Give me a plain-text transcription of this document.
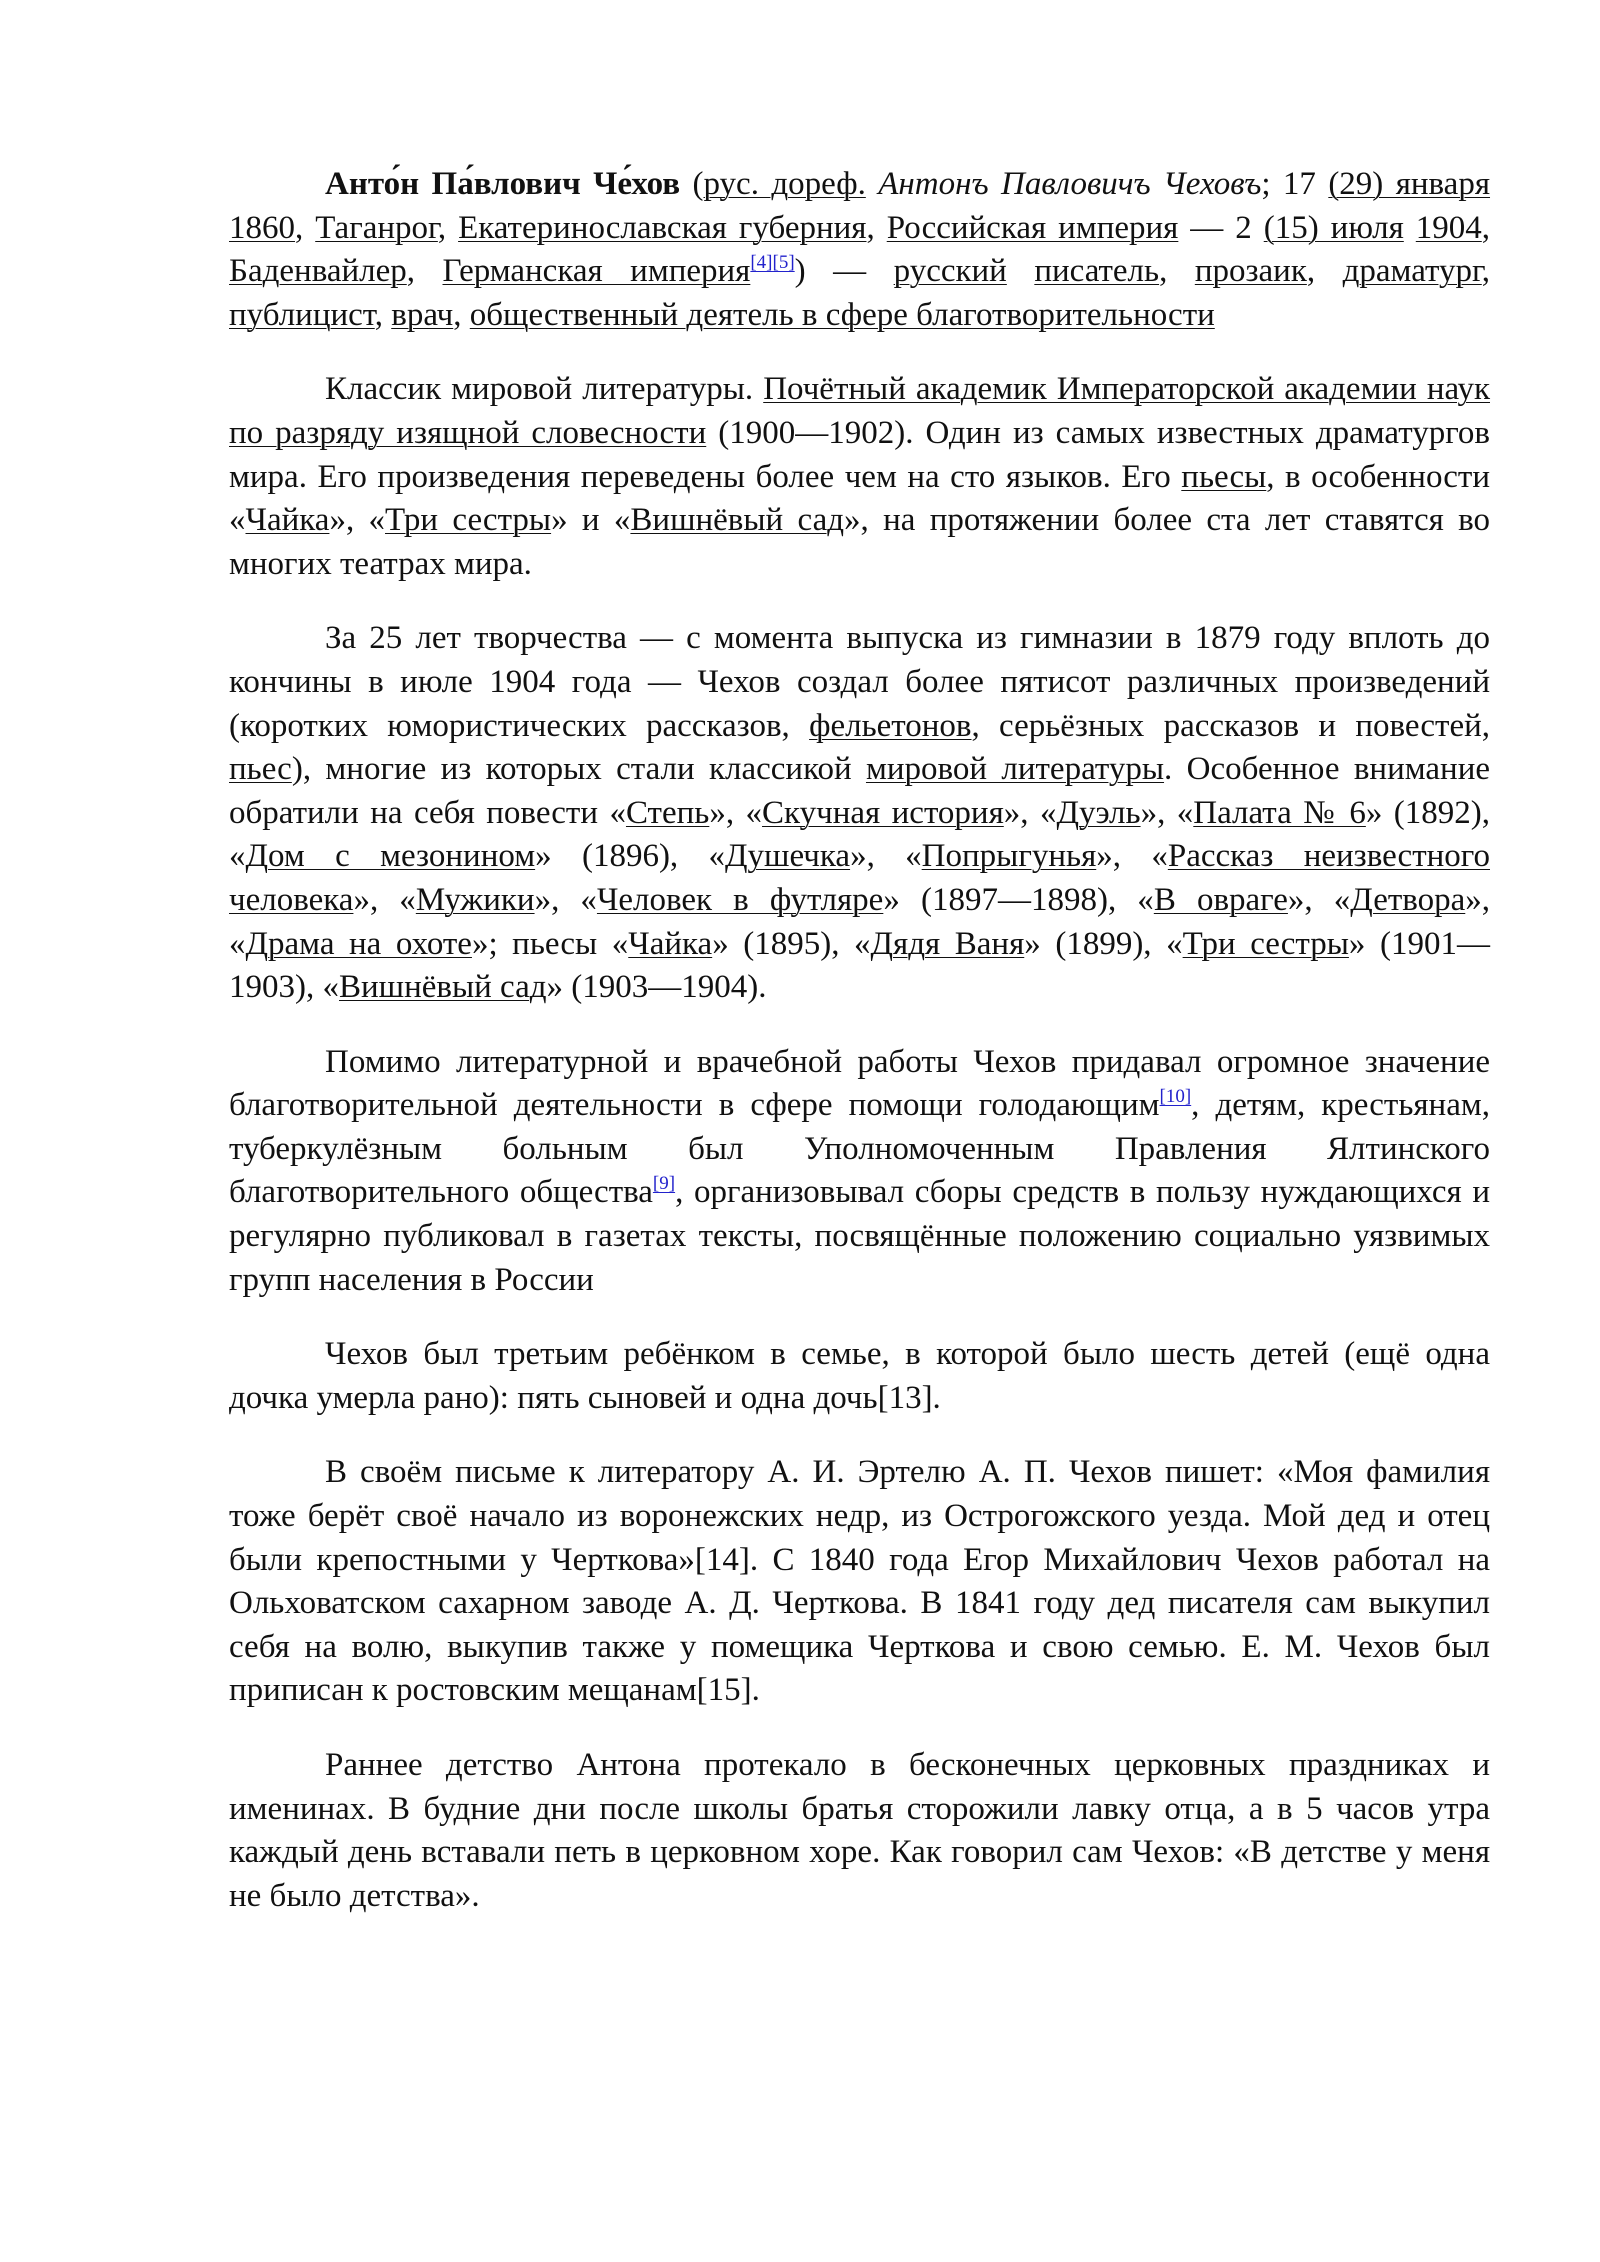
Анто́н Па́влович Че́хов (рус. дореф. Антонъ Павловичъ Чеховъ; 17 (29) января 1860, Таганрог, Екатеринославская губерния, Российская империя — 2 (15) июля 1904, Баденвайлер, Германская империя[4][5]) — русский писатель, прозаик, драматург, публицист, врач, общественный деятель в сфере благотворительности

Классик мировой литературы. Почётный академик Императорской академии наук по разряду изящной словесности (1900—1902). Один из самых известных драматургов мира. Его произведения переведены более чем на сто языков. Его пьесы, в особенности «Чайка», «Три сестры» и «Вишнёвый сад», на протяжении более ста лет ставятся во многих театрах мира.

За 25 лет творчества — с момента выпуска из гимназии в 1879 году вплоть до кончины в июле 1904 года — Чехов создал более пятисот различных произведений (коротких юмористических рассказов, фельетонов, серьёзных рассказов и повестей, пьес), многие из которых стали классикой мировой литературы. Особенное внимание обратили на себя повести «Степь», «Скучная история», «Дуэль», «Палата № 6» (1892), «Дом с мезонином» (1896), «Душечка», «Попрыгунья», «Рассказ неизвестного человека», «Мужики», «Человек в футляре» (1897—1898), «В овраге», «Детвора», «Драма на охоте»; пьесы «Чайка» (1895), «Дядя Ваня» (1899), «Три сестры» (1901—1903), «Вишнёвый сад» (1903—1904).

Помимо литературной и врачебной работы Чехов придавал огромное значение благотворительной деятельности в сфере помощи голодающим[10], детям, крестьянам, туберкулёзным больным был Уполномоченным Правления Ялтинского благотворительного общества[9], организовывал сборы средств в пользу нуждающихся и регулярно публиковал в газетах тексты, посвящённые положению социально уязвимых групп населения в России

Чехов был третьим ребёнком в семье, в которой было шесть детей (ещё одна дочка умерла рано): пять сыновей и одна дочь[13].

В своём письме к литератору А. И. Эртелю А. П. Чехов пишет: «Моя фамилия тоже берёт своё начало из воронежских недр, из Острогожского уезда. Мой дед и отец были крепостными у Черткова»[14]. С 1840 года Егор Михайлович Чехов работал на Ольховатском сахарном заводе А. Д. Черткова. В 1841 году дед писателя сам выкупил себя на волю, выкупив также у помещика Черткова и свою семью. Е. М. Чехов был приписан к ростовским мещанам[15].

Раннее детство Антона протекало в бесконечных церковных праздниках и именинах. В будние дни после школы братья сторожили лавку отца, а в 5 часов утра каждый день вставали петь в церковном хоре. Как говорил сам Чехов: «В детстве у меня не было детства».
